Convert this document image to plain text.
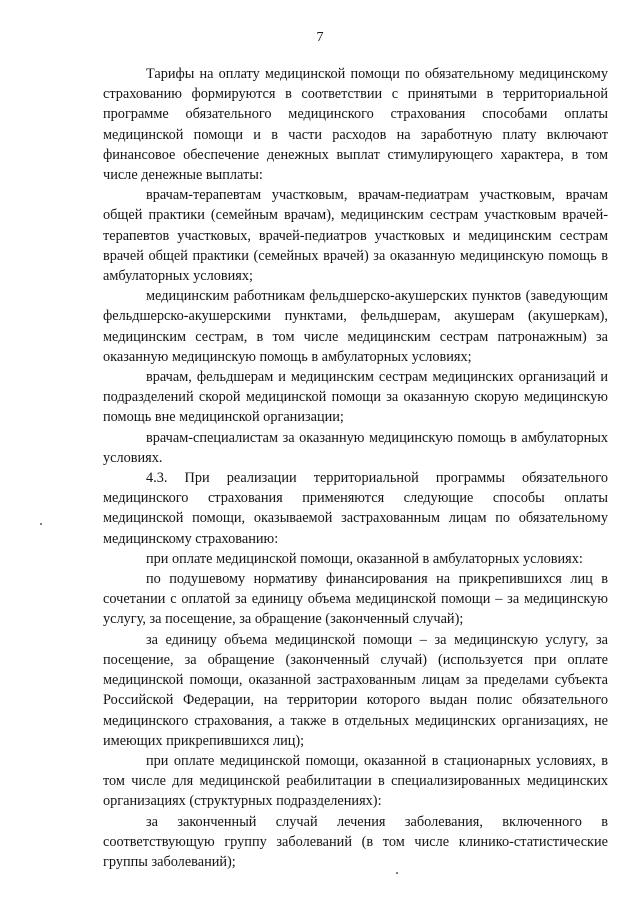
7

Тарифы на оплату медицинской помощи по обязательному медицинскому страхованию формируются в соответствии с принятыми в территориальной программе обязательного медицинского страхования способами оплаты медицинской помощи и в части расходов на заработную плату включают финансовое обеспечение денежных выплат стимулирующего характера, в том числе денежные выплаты:

врачам-терапевтам участковым, врачам-педиатрам участковым, врачам общей практики (семейным врачам), медицинским сестрам участковым врачей-терапевтов участковых, врачей-педиатров участковых и медицинским сестрам врачей общей практики (семейных врачей) за оказанную медицинскую помощь в амбулаторных условиях;

медицинским работникам фельдшерско-акушерских пунктов (заведующим фельдшерско-акушерскими пунктами, фельдшерам, акушерам (акушеркам), медицинским сестрам, в том числе медицинским сестрам патронажным) за оказанную медицинскую помощь в амбулаторных условиях;

врачам, фельдшерам и медицинским сестрам медицинских организаций и подразделений скорой медицинской помощи за оказанную скорую медицинскую помощь вне медицинской организации;

врачам-специалистам за оказанную медицинскую помощь в амбулаторных условиях.

4.3. При реализации территориальной программы обязательного медицинского страхования применяются следующие способы оплаты медицинской помощи, оказываемой застрахованным лицам по обязательному медицинскому страхованию:

при оплате медицинской помощи, оказанной в амбулаторных условиях:

по подушевому нормативу финансирования на прикрепившихся лиц в сочетании с оплатой за единицу объема медицинской помощи – за медицинскую услугу, за посещение, за обращение (законченный случай);

за единицу объема медицинской помощи – за медицинскую услугу, за посещение, за обращение (законченный случай) (используется при оплате медицинской помощи, оказанной застрахованным лицам за пределами субъекта Российской Федерации, на территории которого выдан полис обязательного медицинского страхования, а также в отдельных медицинских организациях, не имеющих прикрепившихся лиц);

при оплате медицинской помощи, оказанной в стационарных условиях, в том числе для медицинской реабилитации в специализированных медицинских организациях (структурных подразделениях):

за законченный случай лечения заболевания, включенного в соответствующую группу заболеваний (в том числе клинико-статистические группы заболеваний);
